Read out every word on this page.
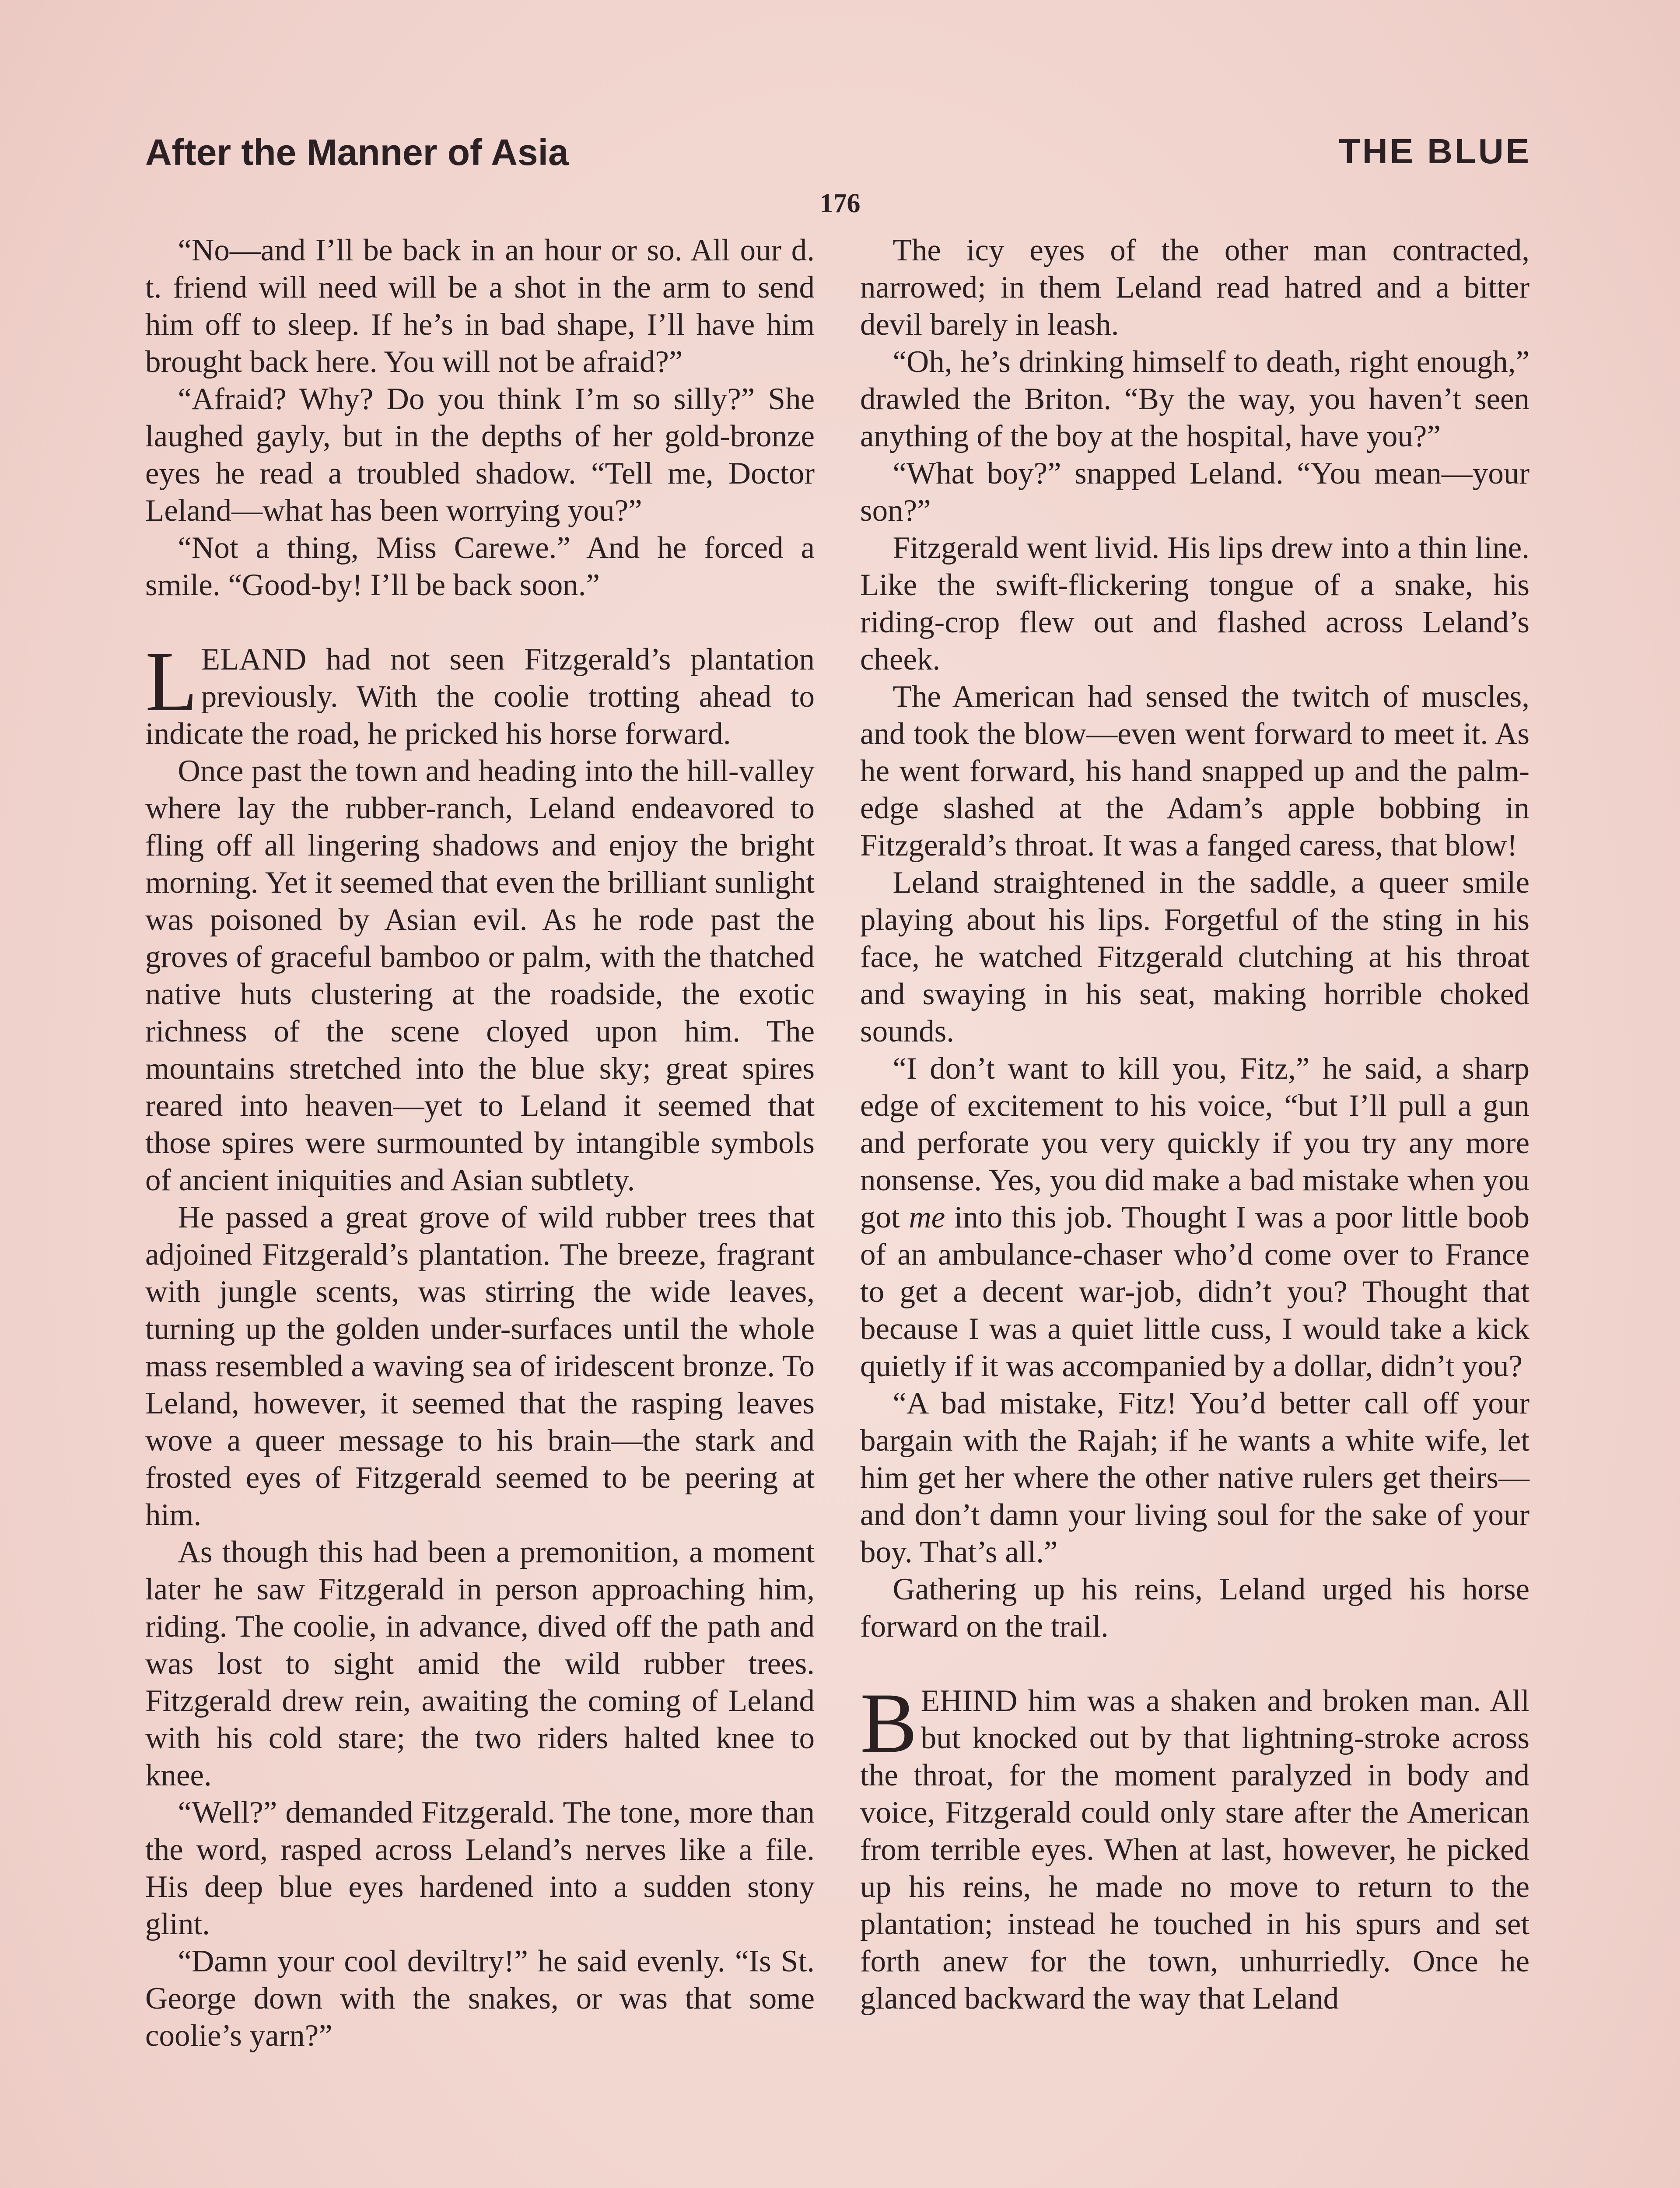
After the Manner of Asia	THE BLUE
176

“No—and I’ll be back in an hour or so. All our d. t. friend will need will be a shot in the arm to send him off to sleep. If he’s in bad shape, I’ll have him brought back here. You will not be afraid?”

“Afraid? Why? Do you think I’m so silly?” She laughed gayly, but in the depths of her gold-bronze eyes he read a troubled shadow. “Tell me, Doctor Leland—what has been worrying you?”

“Not a thing, Miss Carewe.” And he forced a smile. “Good-by! I’ll be back soon.”

LELAND had not seen Fitzgerald’s plantation previously. With the coolie trotting ahead to indicate the road, he pricked his horse forward.

Once past the town and heading into the hill-valley where lay the rubber-ranch, Leland endeavored to fling off all lingering shadows and enjoy the bright morning. Yet it seemed that even the brilliant sunlight was poisoned by Asian evil. As he rode past the groves of graceful bamboo or palm, with the thatched native huts clustering at the roadside, the exotic richness of the scene cloyed upon him. The mountains stretched into the blue sky; great spires reared into heaven—yet to Leland it seemed that those spires were surmounted by intangible symbols of ancient iniquities and Asian subtlety.

He passed a great grove of wild rubber trees that adjoined Fitzgerald’s plantation. The breeze, fragrant with jungle scents, was stirring the wide leaves, turning up the golden under-surfaces until the whole mass resembled a waving sea of iridescent bronze. To Leland, however, it seemed that the rasping leaves wove a queer message to his brain—the stark and frosted eyes of Fitzgerald seemed to be peering at him.

As though this had been a premonition, a moment later he saw Fitzgerald in person approaching him, riding. The coolie, in advance, dived off the path and was lost to sight amid the wild rubber trees. Fitzgerald drew rein, awaiting the coming of Leland with his cold stare; the two riders halted knee to knee.

“Well?” demanded Fitzgerald. The tone, more than the word, rasped across Leland’s nerves like a file. His deep blue eyes hardened into a sudden stony glint.

“Damn your cool deviltry!” he said evenly. “Is St. George down with the snakes, or was that some coolie’s yarn?”

The icy eyes of the other man contracted, narrowed; in them Leland read hatred and a bitter devil barely in leash.

“Oh, he’s drinking himself to death, right enough,” drawled the Briton. “By the way, you haven’t seen anything of the boy at the hospital, have you?”

“What boy?” snapped Leland. “You mean—your son?”

Fitzgerald went livid. His lips drew into a thin line. Like the swift-flickering tongue of a snake, his riding-crop flew out and flashed across Leland’s cheek.

The American had sensed the twitch of muscles, and took the blow—even went forward to meet it. As he went forward, his hand snapped up and the palm-edge slashed at the Adam’s apple bobbing in Fitzgerald’s throat. It was a fanged caress, that blow!

Leland straightened in the saddle, a queer smile playing about his lips. Forgetful of the sting in his face, he watched Fitzgerald clutching at his throat and swaying in his seat, making horrible choked sounds.

“I don’t want to kill you, Fitz,” he said, a sharp edge of excitement to his voice, “but I’ll pull a gun and perforate you very quickly if you try any more nonsense. Yes, you did make a bad mistake when you got me into this job. Thought I was a poor little boob of an ambulance-chaser who’d come over to France to get a decent war-job, didn’t you? Thought that because I was a quiet little cuss, I would take a kick quietly if it was accompanied by a dollar, didn’t you?

“A bad mistake, Fitz! You’d better call off your bargain with the Rajah; if he wants a white wife, let him get her where the other native rulers get theirs—and don’t damn your living soul for the sake of your boy. That’s all.”

Gathering up his reins, Leland urged his horse forward on the trail.

BEHIND him was a shaken and broken man. All but knocked out by that lightning-stroke across the throat, for the moment paralyzed in body and voice, Fitzgerald could only stare after the American from terrible eyes. When at last, however, he picked up his reins, he made no move to return to the plantation; instead he touched in his spurs and set forth anew for the town, unhurriedly. Once he glanced backward the way that Leland
